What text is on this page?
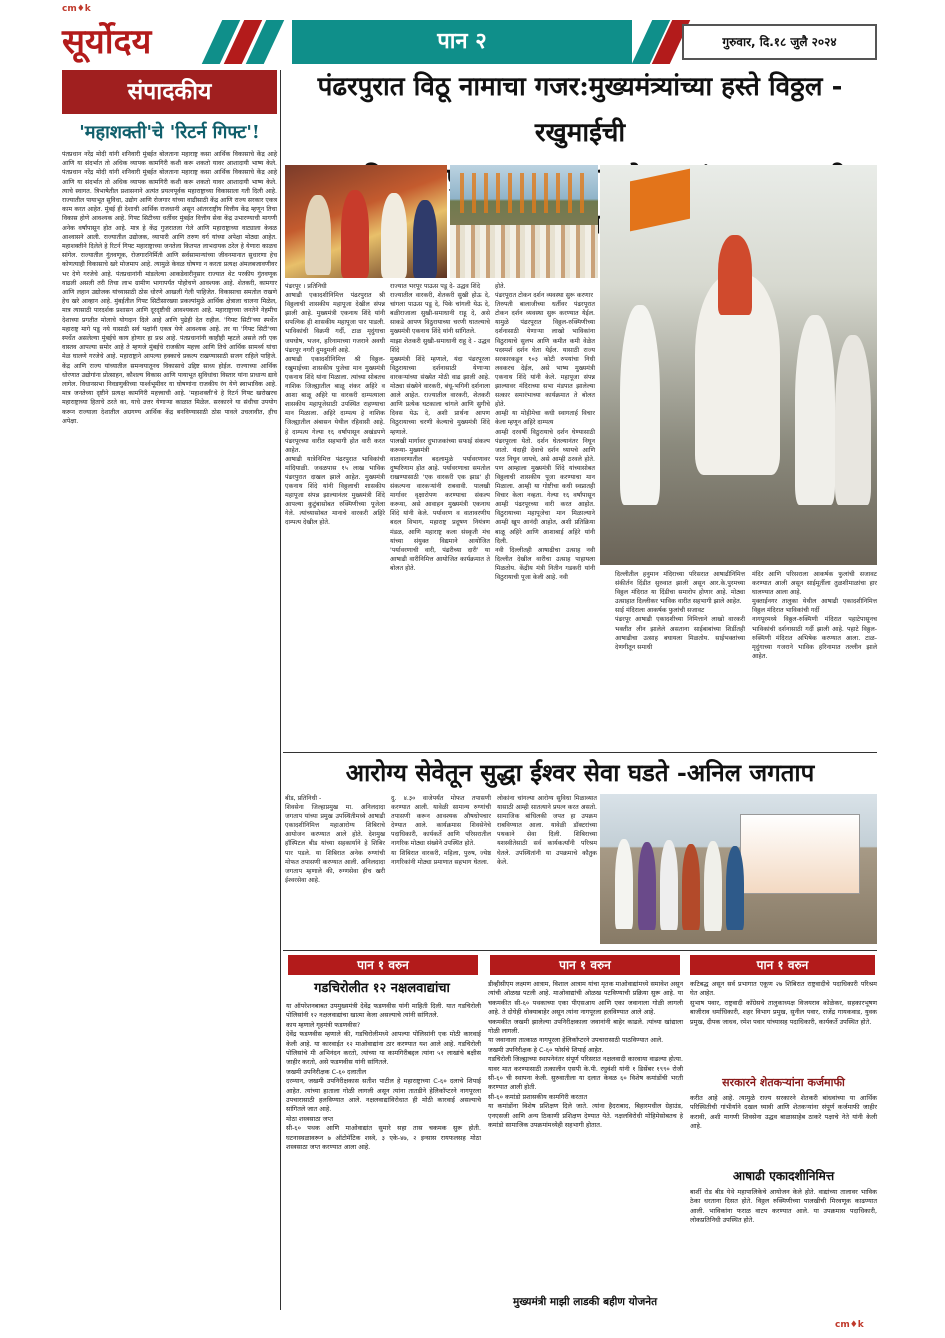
cm♦k
cm♦k
सूर्योदय	पान २	गुरुवार, दि.१८ जुलै २०२४
संपादकीय
'महाशक्ती'चे 'रिटर्न गिफ्ट'!
पंतप्रधान नरेंद्र मोदी यांनी शनिवारी मुंबईत बोलताना महाराष्ट्र कसा आर्थिक विकासाचे केंद्र आहे आणि या संदर्भात तो अधिक व्यापक कामगिरी कशी करू शकतो यावर आशादायी भाष्य केले. पंतप्रधान नरेंद्र मोदी यांनी शनिवारी मुंबईत बोलताना महाराष्ट्र कसा आर्थिक विकासाचे केंद्र आहे आणि या संदर्भात तो अधिक व्यापक कामगिरी कशी करू शकतो यावर आशादायी भाष्य केले. त्याचे स्वागत. त्रिभाषेतील प्रशासनाने अत्यंत प्रयत्नपूर्वक महाराष्ट्राच्या विकासाला गती दिली आहे. राज्यातील पायाभूत सुविधा, उद्योग आणि रोजगार यांच्या वाढीसाठी केंद्र आणि राज्य सरकार एकत्र काम करत आहेत. मुंबई ही देशाची आर्थिक राजधानी असून आंतरराष्ट्रीय वित्तीय केंद्र म्हणून तिचा विकास होणे आवश्यक आहे. गिफ्ट सिटीच्या धर्तीवर मुंबईत वित्तीय सेवा केंद्र उभारण्याची मागणी अनेक वर्षांपासून होत आहे. मात्र हे केंद्र गुजरातला गेले आणि महाराष्ट्राच्या वाट्याला केवळ आश्वासने आली. राज्यातील उद्योजक, व्यापारी आणि तरुण वर्ग यांच्या अपेक्षा मोठ्या आहेत. महाशक्तीने दिलेले हे रिटर्न गिफ्ट महाराष्ट्राच्या जनतेला कितपत लाभदायक ठरेल हे येणारा काळच सांगेल. राज्यातील गुंतवणूक, रोजगारनिर्मिती आणि सर्वसामान्यांच्या जीवनमानात सुधारणा हेच कोणत्याही विकासाचे खरे मोजमाप आहे. त्यामुळे केवळ घोषणा न करता प्रत्यक्ष अंमलबजावणीवर भर देणे गरजेचे आहे. पंतप्रधानांनी मांडलेल्या आकडेवारीनुसार राज्यात थेट परकीय गुंतवणूक वाढली असली तरी तिचा लाभ ग्रामीण भागापर्यंत पोहोचणे आवश्यक आहे. शेतकरी, कामगार आणि लहान उद्योजक यांच्यासाठी ठोस धोरणे आखली गेली पाहिजेत. विकासाचा समतोल राखणे हेच खरे आव्हान आहे. मुंबईतील गिफ्ट सिटीसारख्या प्रकल्पांमुळे आर्थिक क्षेत्राला चालना मिळेल, मात्र त्यासाठी पारदर्शक प्रशासन आणि दूरदृष्टीची आवश्यकता आहे. महाराष्ट्राच्या जनतेने नेहमीच देशाच्या प्रगतीत मोलाचे योगदान दिले आहे आणि पुढेही देत राहील. 'गिफ्ट सिटी'च्या स्पर्धेत महाराष्ट्र मागे पडू नये यासाठी सर्व पक्षांनी एकत्र येणे आवश्यक आहे. तर या 'गिफ्ट सिटी'च्या स्पर्धेत असलेल्या मुंबईचे काय होणार हा प्रश्न आहे. पंतप्रधानांनी काहीही म्हटले असले तरी एक वास्तव आपल्या समोर आहे ते म्हणजे मुंबईचे राजकीय महत्त्व आणि तिचे आर्थिक सामर्थ्य यांचा मेळ घालणे गरजेचे आहे. महाराष्ट्राने आपल्या हक्काचे प्रकल्प राखण्यासाठी सजग राहिले पाहिजे. केंद्र आणि राज्य यांच्यातील समन्वयातूनच विकासाचे उद्दिष्ट साध्य होईल. राज्याच्या आर्थिक धोरणात उद्योगांना प्रोत्साहन, कौशल्य विकास आणि पायाभूत सुविधांचा विस्तार यांना प्राधान्य द्यावे लागेल. विधानसभा निवडणुकीच्या पार्श्वभूमीवर या घोषणांना राजकीय रंग येणे स्वाभाविक आहे. मात्र जनतेच्या दृष्टीने प्रत्यक्ष कामगिरी महत्त्वाची आहे. 'महाशक्ती'चे हे रिटर्न गिफ्ट खरोखरच महाराष्ट्राच्या हिताचे ठरते का, याचे उत्तर येणाऱ्या काळात मिळेल. सरकारने या संधीचा उपयोग करून राज्याला देशातील अग्रगण्य आर्थिक केंद्र बनविण्यासाठी ठोस पावले उचलावीत, हीच अपेक्षा.
पंढरपुरात विठू नामाचा गजर:मुख्यमंत्र्यांच्या हस्ते विठ्ठल - रखुमाईची
पंढरपूर । प्रतिनिधी
आषाढी एकादशीनिमित्त पंढरपुरात श्री विठ्ठलाची शासकीय महापूजा देखील संपन्न झाली आहे. मुख्यमंत्री एकनाथ शिंदे यांनी सपत्निक ही शासकीय महापूजा पार पाडली. भाविकांची विक्रमी गर्दी, टाळ मृदुंगाचा जयघोष, भजन, हरिनामाच्या गजराने अवघी पंढरपूर नगरी दुमदुमली आहे.
आषाढी एकादशीनिमित्त श्री विठ्ठल-रखुमाईच्या शासकीय पुजेचा मान मुख्यमंत्री एकनाथ शिंदे यांना मिळाला. त्यांच्या सोबतच नाशिक जिल्ह्यातील बाळू शंकर अहिरे व आशा बाळू अहिरे या वारकरी दाम्पत्याला शासकीय महापूजेसाठी उपस्थित राहण्याचा मान मिळाला. अहिरे दाम्पत्य हे नाशिक जिल्ह्यातील अंबासन येथील रहिवासी आहे. हे दाम्पत्य गेल्या १६ वर्षांपासून अखंडपणे पंढरपूरच्या वारीत सहभागी होत वारी करत आहेत.
आषाढी यात्रेनिमित्त पंढरपुरात भाविकांची मांदियाळी. जवळपास १५ लाख भाविक पंढरपुरात दाखल झाले आहेत. मुख्यमंत्री एकनाथ शिंदे यांनी विठ्ठलाची शासकीय महापूजा संपन्न झाल्यानंतर मुख्यमंत्री शिंदे आपल्या कुटुंबासोबत रुक्मिणीच्या पूजेला गेले. त्यांच्यासोबत मानाचे वारकरी अहिरे दाम्पत्य देखील होते.
राज्यात भरपूर पाऊस पडू दे- उद्धव शिंदे
राज्यातील वारकरी, शेतकरी सुखी होऊ दे, चांगला पाऊस पडू दे, पिके चांगली येऊ दे, बळीराजाला सुखी-समाधानी राहू दे, असे साकडे आपण विठुरायाच्या चरणी घातल्याचे मुख्यमंत्री एकनाथ शिंदे यांनी सांगितले.
माझा शेतकरी सुखी-समाधानी राहू दे - उद्धव शिंदे
मुख्यमंत्री शिंदे म्हणाले, यंदा पंढरपूरला विठुरायाच्या दर्शनासाठी येणाऱ्या वारकऱ्यांच्या संख्येत मोठी वाढ झाली आहे. मोठ्या संख्येने वारकरी, बंधू-भगिनी दर्शनाला आले आहेत. राज्यातील वारकरी, शेतकरी आणि प्रत्येक घटकाला चांगले आणि सुगीचे दिवस येऊ दे, अशी प्रार्थना आपण विठुरायाच्या चरणी केल्याचे मुख्यमंत्री शिंदे म्हणाले.
पालखी मार्गावर दुभाजकांच्या सफाई संकल्प करूया- मुख्यमंत्री
वातावरणातील बदलामुळे पर्यावरणावर दुष्परिणाम होत आहे. पर्यावरणाचा समतोल राखण्यासाठी 'एक वारकरी एक झाड' ही संकल्पना वारकऱ्यांनी राबवावी. पालखी मार्गावर वृक्षारोपण करण्याचा संकल्प करूया, असे आवाहन मुख्यमंत्री एकनाथ शिंदे यांनी केले. पर्यावरण व वातावरणीय बदल विभाग, महाराष्ट्र प्रदूषण नियंत्रण मंडळ, आणि महाराष्ट्र कला संस्कृती मंच यांच्या संयुक्त विद्यमाने आयोजित 'पर्यावरणाची वारी, पंढरीच्या दारी' या आषाढी वारीनिमित्त आयोजित कार्यक्रमात ते बोलत होते.
होते.
पंढरपूरात टोकन दर्शन व्यवस्था सुरू करणार
तिरुपती बालाजीच्या धर्तीवर पंढरपूरात टोकन दर्शन व्यवस्था सुरू करण्यात येईल. यामुळे पंढरपूरात विठ्ठल-रुक्मिणीच्या दर्शनासाठी येणाऱ्या लाखो भाविकांना विठुरायाचे सुलभ आणि कमीत कमी वेळेत पदस्पर्श दर्शन घेता येईल. यासाठी राज्य सरकारकडून १०३ कोटी रुपयांचा निधी लवकरच देईल, असे भाष्य मुख्यमंत्री एकनाथ शिंदे यांनी केले. महापूजा संपन्न झाल्यावर मंदिराच्या सभा मंडपात झालेल्या सत्कार समारंभाच्या कार्यक्रमात ते बोलत होते.
आम्ही या मोहीमेचा कधी स्वागतार्ह विचार केला म्हणून अहिरे दाम्पत्य
आम्ही दरवर्षी विठुरायाचे दर्शन घेण्यासाठी पंढरपूरला येतो. दर्शन घेतल्यानंतर निघून जातो. यंदाही देवाचे दर्शन घ्यायचे आणि परत निघून जायचे, असे आम्ही ठरवले होते. पण आम्हाला मुख्यमंत्री शिंदे यांच्यासोबत विठ्ठलाची शासकीय पूजा करण्याचा मान मिळाला. आम्ही या गोष्टीचा कधी स्वप्नातही विचार केला नव्हता. गेल्या १६ वर्षांपासून आम्ही पंढरपूरच्या वारी करत आहोत. विठुरायाच्या महापूजेचा मान मिळाल्याने आम्ही खूप आनंदी आहोत, अशी प्रतिक्रिया बाळू अहिरे आणि आशाबाई अहिरे यांनी दिली.
नवी दिल्लीतही आषाढीचा उत्साह नवी दिल्लीत देखील वारीचा उत्साह पाहायला मिळतोय. केंद्रीय मंत्री नितीन गडकरी यांनी विठुरायाची पूजा केली आहे. नवी	दिल्लीतील हनुमान मंदिराच्या परिसरात आषाढीनिमित्त संकीर्तन दिंडीत सुरुवात झाली असून आर.के.पुरमच्या विठ्ठल मंदिरात या दिंडीचा समारोप होणार आहे. मोठ्या उत्साहात दिल्लीकर भाविक वारीत सहभागी झाले आहेत.
साई मंदिराला आकर्षक फुलांची सजावट
पंढरपूर आषाढी एकादशीच्या निमित्ताने लाखो वारकरी भक्तीत लीन झालेले असताना साईबाबांच्या शिर्डीतही आषाढीचा उत्साह बघायला मिळतोय. साईभक्तांच्या देणगीतून समाधी
मंदिर आणि परिसराला आकर्षक फुलांची सजावट करण्यात आली असून साईमूर्तीला तुळशीमाळांचा हार घालण्यात आला आहे.
मुक्ताईनगर तालुका येथील आषाढी एकादशीनिमित्त विठ्ठल मंदिरात भाविकांची गर्दी
नागपूरमध्ये विठ्ठल-रुक्मिणी मंदिरात पहाटेपासूनच भाविकांची दर्शनासाठी गर्दी झाली आहे. पहाटे विठ्ठल-रुक्मिणी मंदिरात अभिषेक करण्यात आला. टाळ-मृदुंगाच्या गजराने भाविक हरिनामात तल्लीन झाले आहेत.
आरोग्य सेवेतून सुद्धा ईश्वर सेवा घडते -अनिल जगताप
बीड, प्रतिनिधी -
शिवसेना जिल्हाप्रमुख मा. अनिलदादा जगताप यांच्या प्रमुख उपस्थितीमध्ये आषाढी एकादशीनिमित्त महाआरोग्य शिबिराचे आयोजन करण्यात आले होते. देशमुख हॉस्पिटल बीड यांच्या सहकार्याने हे शिबिर पार पडले. या शिबिरात अनेक रुग्णांची मोफत तपासणी करण्यात आली. अनिलदादा जगताप म्हणाले की, रुग्णसेवा हीच खरी ईश्वरसेवा आहे.
दु. ४.३० वाजेपर्यंत मोफत तपासणी करण्यात आली. यावेळी सामान्य रुग्णांची तपासणी करून आवश्यक औषधोपचार देण्यात आले. कार्यक्रमास शिवसेनेचे पदाधिकारी, कार्यकर्ते आणि परिसरातील नागरिक मोठ्या संख्येने उपस्थित होते.
या शिबिरात वारकरी, महिला, पुरुष, ज्येष्ठ नागरिकांनी मोठ्या प्रमाणात सहभाग घेतला.
लोकांना चांगल्या आरोग्य सुविधा मिळाव्यात यासाठी आम्ही सातत्याने प्रयत्न करत असतो. सामाजिक बांधिलकी जपत हा उपक्रम राबविण्यात आला. यावेळी डॉक्टरांच्या पथकाने सेवा दिली. शिबिराच्या यशस्वीतेसाठी सर्व कार्यकर्त्यांनी परिश्रम घेतले. उपस्थितांनी या उपक्रमाचे कौतुक केले.
पान १ वरुन	पान १ वरुन	पान १ वरुन
गडचिरोलीत १२ नक्षलवाद्यांचा
या ऑपरेशनबाबत उपमुख्यमंत्री देवेंद्र फडणवीस यांनी माहिती दिली. यात गडचिरोली पोलिसांनी १२ नक्षलवाद्यांचा खात्मा केला असल्याचे त्यांनी सांगितले.
काय म्हणाले गृहमंत्री फडणवीस?
देवेंद्र फडणवीस म्हणाले की, गडचिरोलीमध्ये आपल्या पोलिसांनी एक मोठी कारवाई केली आहे. या कारवाईत १२ माओवाद्यांना ठार करण्यात यश आले आहे. गडचिरोली पोलिसांचे मी अभिनंदन करतो, त्यांच्या या कामगिरीबद्दल त्यांना ५१ लाखांचे बक्षीस जाहीर करतो, असे फडणवीस यांनी सांगितले.
जखमी उपनिरीक्षक C-६० दलातील
दरम्यान, जखमी उपनिरीक्षकास सतीश पाटील हे महाराष्ट्राच्या C-६० दलाचे शिपाई आहेत. त्यांच्या हाताला गोळी लागली असून त्यांना तातडीने हेलिकॉप्टरने नागपूरला उपचारासाठी हलविण्यात आले. नक्षलवाद्यांविरोधात ही मोठी कारवाई असल्याचे सांगितले जात आहे.
मोठा शस्त्रसाठा जप्त
सी-६० पथक आणि माओवाद्यांत सुमारे सहा तास चकमक सुरू होती. घटनास्थळावरून ७ ऑटोमॅटिक शस्त्रे, ३ एके-४७, २ इन्सास रायफलसह मोठा शस्त्रसाठा जप्त करण्यात आला आहे.
डीव्हीसीएम लक्ष्मण आत्राम, विशाल आत्राम यांचा मृतक माओवाद्यांमध्ये समावेश असून त्यांची ओळख पटली आहे. माओवाद्यांची ओळख पटविण्याची प्रक्रिया सुरू आहे. या चकमकीत सी-६० पथकाच्या एका पीएसआय आणि एका जवानाला गोळी लागली आहे. ते दोघेही धोक्याबाहेर असून त्यांना नागपूरला हलविण्यात आले आहे.
चकमकीत जखमी झालेल्या उपनिरीक्षकाला जवानांनी बाहेर काढले. त्यांच्या खांद्याला गोळी लागली.
या जवानाला तात्काळ नागपूरला हेलिकॉप्टरने उपचारासाठी पाठविण्यात आले.
जखमी उपनिरीक्षक हे C-६० फोर्सचे शिपाई आहेत.
गडचिरोली जिल्ह्याच्या स्थापनेनंतर संपूर्ण परिसरात नक्षलवादी कारवाया वाढल्या होत्या. यावर मात करण्यासाठी तत्कालीन एसपी के.पी. रघुवंशी यांनी १ डिसेंबर १९९० रोजी सी-६० ची स्थापना केली. सुरुवातीला या दलात केवळ ६० विशेष कमांडोंची भरती करण्यात आली होती.
सी-६० कमांडो प्रशासकीय कामगिरी करतात
या कमांडोंना विशेष प्रशिक्षण दिले जाते. त्यांना हैदराबाद, बिहारमधील ग्रेहाउंड, एनएसजी आणि अन्य ठिकाणी प्रशिक्षण देण्यात येते. नक्षलविरोधी मोहिमेसोबतच हे कमांडो सामाजिक उपक्रमांमध्येही सहभागी होतात.
मुख्यमंत्री माझी लाडकी बहीण योजनेत
कटिबद्ध असून सर्व प्रभागात एकूण २७ शिबिरात राष्ट्रवादीचे पदाधिकारी परिश्रम घेत आहेत.
सुभाष पवार, राष्ट्रवादी काँग्रेसचे तालुकाध्यक्ष विजयराव कोळेकर, सहकारभूषण बाजीराव धर्माधिकारी, शहर विभाग प्रमुख, सुनील पवार, राजेंद्र गायकवाड, युवक प्रमुख, दीपक जाधव, रमेश पवार यांच्यासह पदाधिकारी, कार्यकर्ते उपस्थित होते.
सरकारने शेतकऱ्यांना कर्जमाफी
करीत आहे आहे. त्यामुळे राज्य सरकारने शेतकरी बांधवांच्या या आर्थिक परिस्थितीची गांभीर्याने दखल घ्यावी आणि शेतकऱ्यांना संपूर्ण कर्जमाफी जाहीर करावी, अशी मागणी शिवसेना उद्धव बाळासाहेब ठाकरे पक्षाचे नेते यांनी केली आहे.
आषाढी एकादशीनिमित्त
बार्शी रोड बीड येथे महापालिकेचे आयोजन केले होते. वाद्यांच्या तालावर भाविक ठेका धरताना दिसत होते. विठ्ठल रुक्मिणीच्या पालखीची मिरवणूक काढण्यात आली. भाविकांना फराळ वाटप करण्यात आले. या उपक्रमास पदाधिकारी, लोकप्रतिनिधी उपस्थित होते.
